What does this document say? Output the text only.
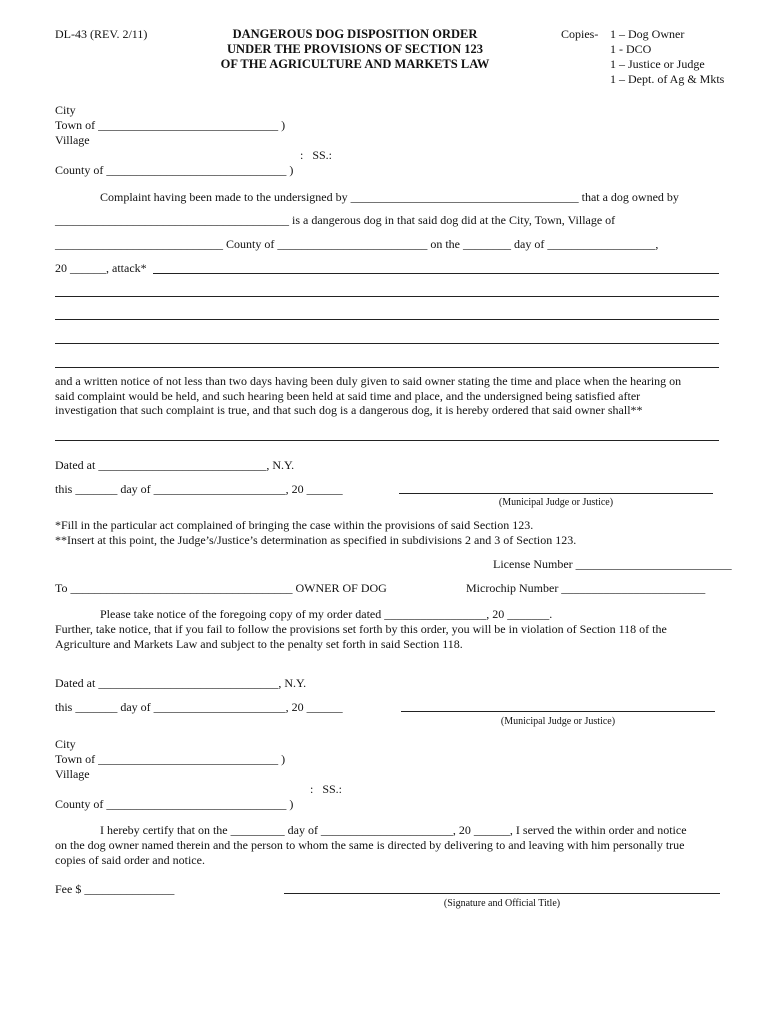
DL-43 (REV. 2/11)	DANGEROUS DOG DISPOSITION ORDER
UNDER THE PROVISIONS OF SECTION 123
OF THE AGRICULTURE AND MARKETS LAW
Copies- 1 – Dog Owner
1 - DCO
1 – Justice or Judge
1 – Dept. of Ag & Mkts
City
Town of ______________________________ )
Village
:   SS.:
County of ______________________________ )
Complaint having been made to the undersigned by ______________________________________ that a dog owned by
_______________________________________ is a dangerous dog in that said dog did at the City, Town, Village of
____________________________ County of _________________________ on the ________ day of __________________,
20 ______, attack*
and a written notice of not less than two days having been duly given to said owner stating the time and place when the hearing on
said complaint would be held, and such hearing been held at said time and place, and the undersigned being satisfied after
investigation that such complaint is true, and that such dog is a dangerous dog, it is hereby ordered that said owner shall**
Dated at ____________________________, N.Y.
this _______ day of ______________________, 20 ______
(Municipal Judge or Justice)
*Fill in the particular act complained of bringing the case within the provisions of said Section 123.
**Insert at this point, the Judge’s/Justice’s determination as specified in subdivisions 2 and 3 of Section 123.
License Number __________________________
To _____________________________________ OWNER OF DOG	Microchip Number ________________________
Please take notice of the foregoing copy of my order dated _________________, 20 _______.
Further, take notice, that if you fail to follow the provisions set forth by this order, you will be in violation of Section 118 of the
Agriculture and Markets Law and subject to the penalty set forth in said Section 118.
Dated at ______________________________, N.Y.
this _______ day of ______________________, 20 ______
(Municipal Judge or Justice)
City
Town of ______________________________ )
Village
:   SS.:
County of ______________________________ )
I hereby certify that on the _________ day of ______________________, 20 ______, I served the within order and notice
on the dog owner named therein and the person to whom the same is directed by delivering to and leaving with him personally true
copies of said order and notice.
Fee $ _______________
(Signature and Official Title)
